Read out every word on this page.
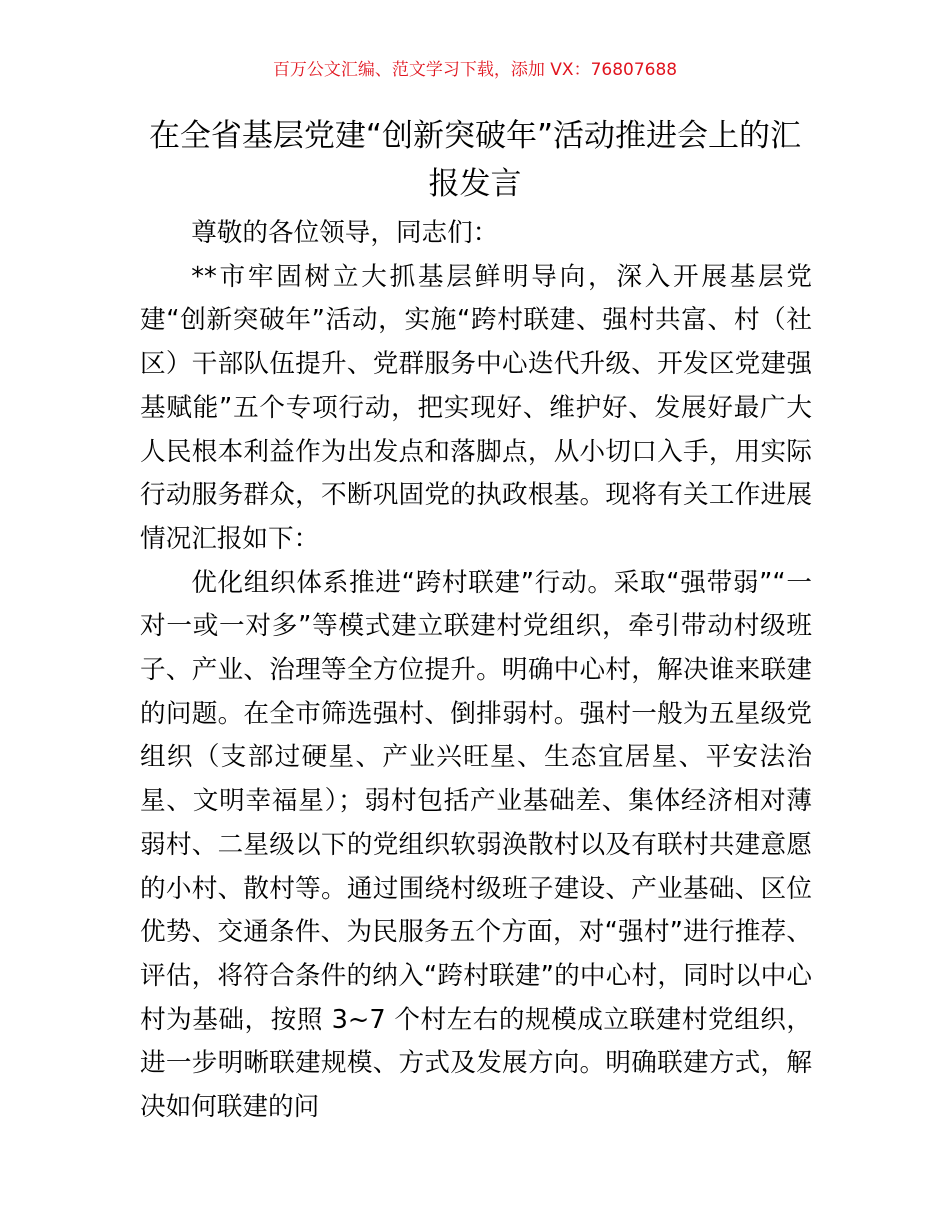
百万公文汇编、范文学习下载，添加 VX：76807688
在全省基层党建“创新突破年”活动推进会上的汇报发言

尊敬的各位领导，同志们：

**市牢固树立大抓基层鲜明导向，深入开展基层党建“创新突破年”活动，实施“跨村联建、强村共富、村（社区）干部队伍提升、党群服务中心迭代升级、开发区党建强基赋能”五个专项行动，把实现好、维护好、发展好最广大人民根本利益作为出发点和落脚点，从小切口入手，用实际行动服务群众，不断巩固党的执政根基。现将有关工作进展情况汇报如下：

优化组织体系推进“跨村联建”行动。采取“强带弱”“一对一或一对多”等模式建立联建村党组织，牵引带动村级班子、产业、治理等全方位提升。明确中心村，解决谁来联建的问题。在全市筛选强村、倒排弱村。强村一般为五星级党组织（支部过硬星、产业兴旺星、生态宜居星、平安法治星、文明幸福星）；弱村包括产业基础差、集体经济相对薄弱村、二星级以下的党组织软弱涣散村以及有联村共建意愿的小村、散村等。通过围绕村级班子建设、产业基础、区位优势、交通条件、为民服务五个方面，对“强村”进行推荐、评估，将符合条件的纳入“跨村联建”的中心村，同时以中心村为基础，按照 3~7 个村左右的规模成立联建村党组织，进一步明晰联建规模、方式及发展方向。明确联建方式，解决如何联建的问
